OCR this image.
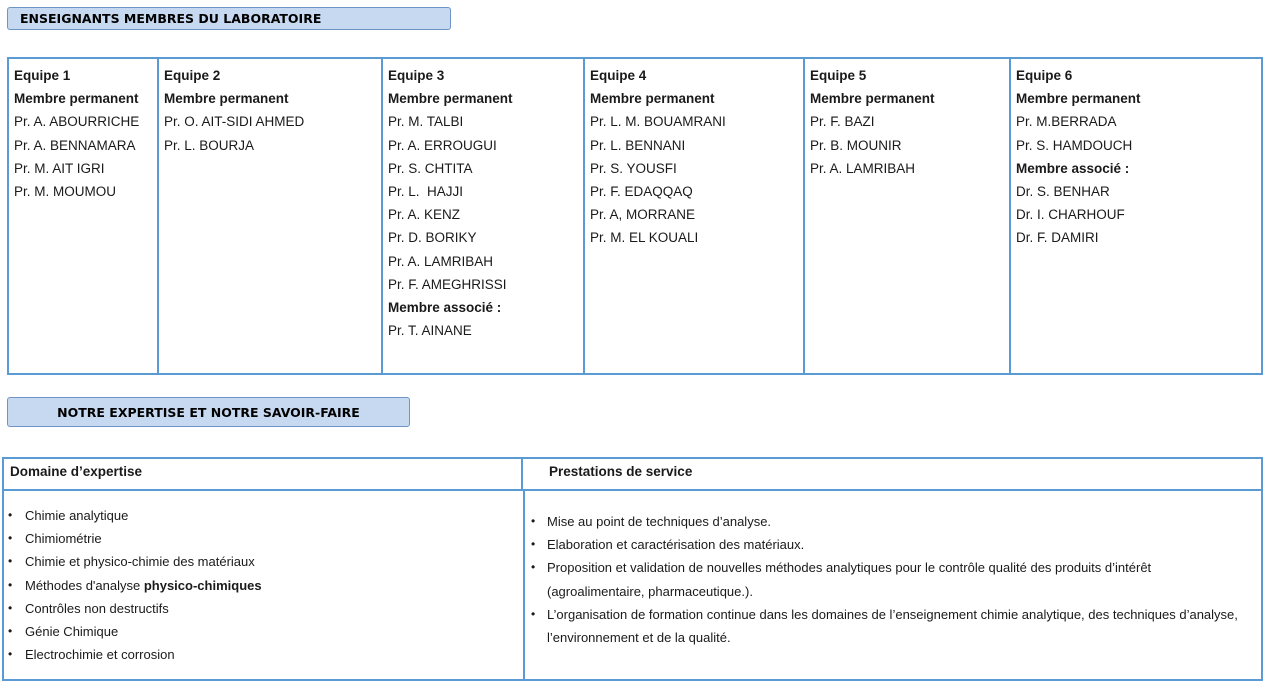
ENSEIGNANTS MEMBRES DU LABORATOIRE
Equipe 1
Membre permanent
Pr. A. ABOURRICHE
Pr. A. BENNAMARA
Pr. M. AIT IGRI
Pr. M. MOUMOU
Equipe 2
Membre permanent
Pr. O. AIT-SIDI AHMED
Pr. L. BOURJA
Equipe 3
Membre permanent
Pr. M. TALBI
Pr. A. ERROUGUI
Pr. S. CHTITA
Pr. L.  HAJJI
Pr. A. KENZ
Pr. D. BORIKY
Pr. A. LAMRIBAH
Pr. F. AMEGHRISSI
Membre associé :
Pr. T. AINANE
Equipe 4
Membre permanent
Pr. L. M. BOUAMRANI
Pr. L. BENNANI
Pr. S. YOUSFI
Pr. F. EDAQQAQ
Pr. A, MORRANE
Pr. M. EL KOUALI
Equipe 5
Membre permanent
Pr. F. BAZI
Pr. B. MOUNIR
Pr. A. LAMRIBAH
Equipe 6
Membre permanent
Pr. M.BERRADA
Pr. S. HAMDOUCH
Membre associé :
Dr. S. BENHAR
Dr. I. CHARHOUF
Dr. F. DAMIRI
NOTRE EXPERTISE ET NOTRE SAVOIR-FAIRE
Domaine d’expertise	Prestations de service
• Chimie analytique
• Chimiométrie
• Chimie et physico-chimie des matériaux
• Méthodes d'analyse physico-chimiques
• Contrôles non destructifs
• Génie Chimique
• Electrochimie et corrosion
• Mise au point de techniques d’analyse.
• Elaboration et caractérisation des matériaux.
• Proposition et validation de nouvelles méthodes analytiques pour le contrôle qualité des produits d’intérêt (agroalimentaire, pharmaceutique.).
• L’organisation de formation continue dans les domaines de l’enseignement chimie analytique, des techniques d’analyse, l’environnement et de la qualité.
